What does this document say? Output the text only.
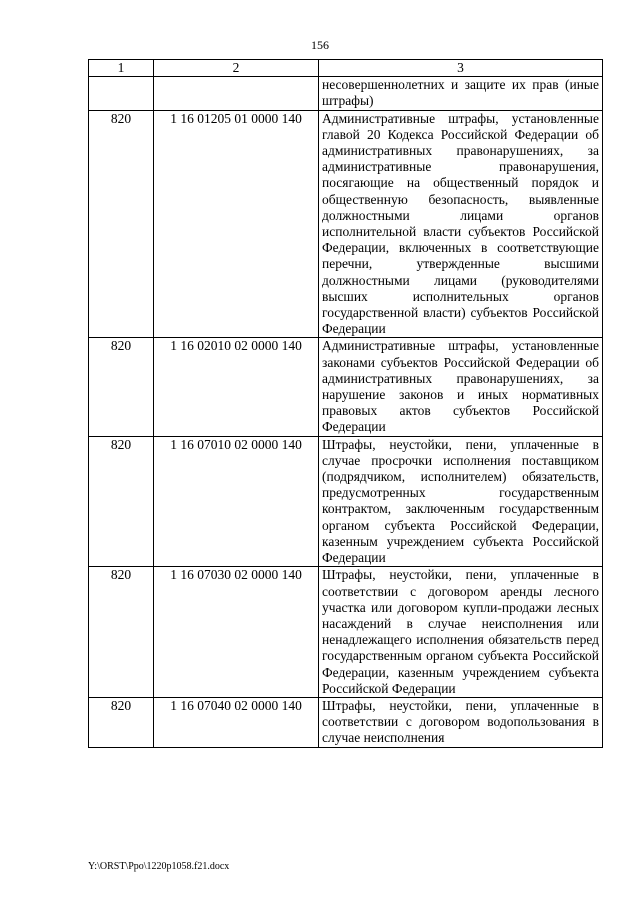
156
1	2	3
		несовершеннолетних и защите их прав (иные штрафы)
820	1 16 01205 01 0000 140	Административные штрафы, установленные главой 20 Кодекса Российской Федерации об административных правонарушениях, за административные правонарушения, посягающие на общественный порядок и общественную безопасность, выявленные должностными лицами органов исполнительной власти субъектов Российской Федерации, включенных в соответствующие перечни, утвержденные высшими должностными лицами (руководителями высших исполнительных органов государственной власти) субъектов Российской Федерации
820	1 16 02010 02 0000 140	Административные штрафы, установленные законами субъектов Российской Федерации об административных правонарушениях, за нарушение законов и иных нормативных правовых актов субъектов Российской Федерации
820	1 16 07010 02 0000 140	Штрафы, неустойки, пени, уплаченные в случае просрочки исполнения поставщиком (подрядчиком, исполнителем) обязательств, предусмотренных государственным контрактом, заключенным государственным органом субъекта Российской Федерации, казенным учреждением субъекта Российской Федерации
820	1 16 07030 02 0000 140	Штрафы, неустойки, пени, уплаченные в соответствии с договором аренды лесного участка или договором купли-продажи лесных насаждений в случае неисполнения или ненадлежащего исполнения обязательств перед государственным органом субъекта Российской Федерации, казенным учреждением субъекта Российской Федерации
820	1 16 07040 02 0000 140	Штрафы, неустойки, пени, уплаченные в соответствии с договором водопользования в случае неисполнения
Y:\ORST\Ppo\1220p1058.f21.docx
